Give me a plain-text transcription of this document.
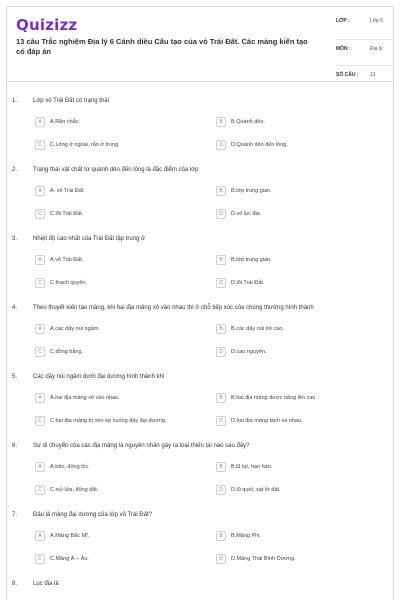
Quizizz
13 câu Trắc nghiệm Địa lý 6 Cánh diều Cấu tạo của vỏ Trái Đất. Các mảng kiến tạo có đáp án
LỚP :	Lớp 6
MÔN :	Địa lý
SỐ CÂU : 13
1.	Lớp vỏ Trái Đất có trạng thái
A	A.Rắn chắc.	B	B.Quánh dẻo.
C	C.Lỏng ở ngoài, rắn ở trong.	D	D.Quánh dẻo đến lỏng.
2.	Trạng thái vật chất từ quánh dẻo đến lỏng là đặc điểm của lớp
A	A. vỏ Trái Đất.	B	B.lớp trung gian.
C	C.lõi Trái Đất.	D	D.vỏ lục địa.
3.	Nhiệt độ cao nhất của Trái Đất tập trung ở
A	A.vỏ Trái Đất.	B	B.lớp trung gian.
C	C.thạch quyển.	D	D.lõi Trái Đất.
4.	Theo thuyết kiến tạo mảng, khi hai địa mảng xô vào nhau thì ở chỗ tiếp xúc của chúng thường hình thành
A	A.các dãy núi ngầm.	B	B.các dãy núi trẻ cao.
C	C.đồng bằng.	D	D.cao nguyên.
5.	Các dãy núi ngầm dưới đại dương hình thành khi
A	A.hai địa mảng xô vào nhau.	B	B.hai địa mảng được nâng lên cao.
C	C.hai địa mảng bị nén ép xuống đáy đại dương.	D	D.hai địa mảng tách xa nhau.
6.	Sự di chuyển của các địa mảng là nguyên nhân gây ra loại thiên tai nào sau đây?
A	A.bão, dông lốc.	B	B.lũ lụt, hạn hán.
C	C.núi lửa, động đất.	D	D.lũ quét, sạt lở đất.
7.	Đâu là mảng đại dương của lớp vỏ Trái Đất?
A	A.Mảng Bắc Mĩ.	B	B.Mảng Phi.
C	C.Mảng Á – Âu.	D	D.Mảng Thái Bình Dương.
8.	Lục địa là
